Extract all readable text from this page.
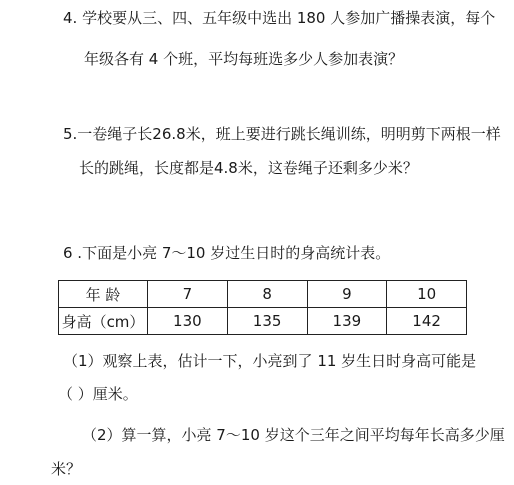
4. 学校要从三、四、五年级中选出 180 人参加广播操表演，每个
年级各有 4 个班，平均每班选多少人参加表演？
5.一卷绳子长26.8米，班上要进行跳长绳训练，明明剪下两根一样
长的跳绳，长度都是4.8米，这卷绳子还剩多少米？
6 .下面是小亮 7～10 岁过生日时的身高统计表。
年 龄	7	8	9	10
身高（cm）	130	135	139	142
（1）观察上表，估计一下，小亮到了 11 岁生日时身高可能是
（ ）厘米。
（2）算一算，小亮 7～10 岁这个三年之间平均每年长高多少厘
米？
